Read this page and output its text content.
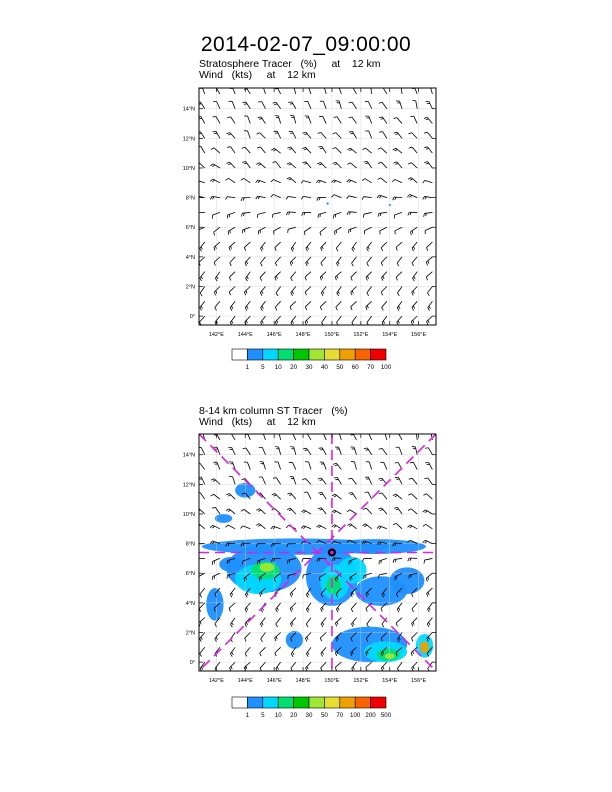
2014-02-07_09:00:00
Stratosphere Tracer   (%)     at    12 km
Wind   (kts)     at    12 km
142°E	144°E	146°E	148°E	150°E	152°E	154°E	156°E
0°
2°N
4°N
6°N
8°N
10°N
12°N
14°N
1 5 10 20 30 40 50 60 70 100
8-14 km column ST Tracer   (%)
Wind   (kts)     at    12 km
142°E	144°E	146°E	148°E	150°E	152°E	154°E	156°E
0°
2°N
4°N
6°N
8°N
10°N
12°N
14°N
1 5 10 20 30 50 70 100 200 500
